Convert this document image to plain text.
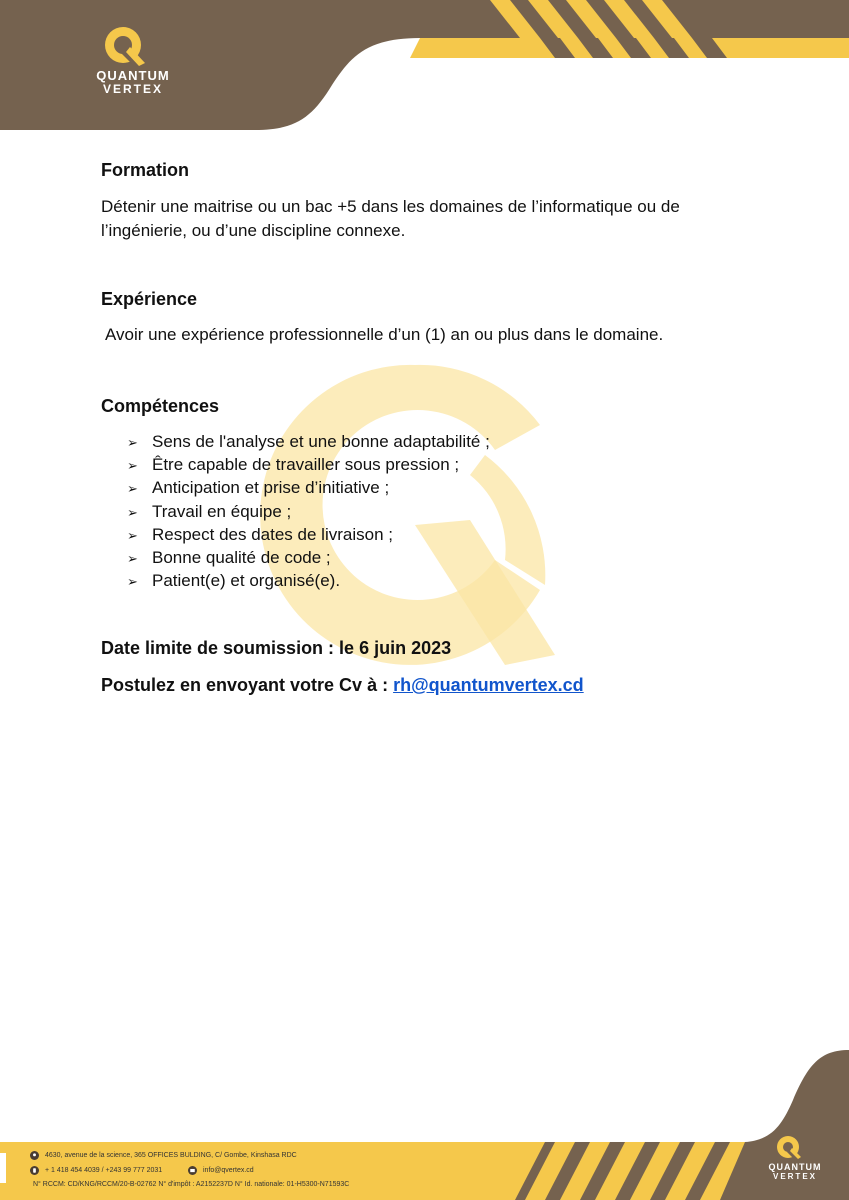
QUANTUM
VERTEX
Formation
Détenir une maitrise ou un bac +5 dans les domaines de l’informatique ou de l’ingénierie, ou d’une discipline connexe.
Expérience
Avoir une expérience professionnelle d’un (1) an ou plus dans le domaine.
Compétences
➢ Sens de l'analyse et une bonne adaptabilité ;
➢ Être capable de travailler sous pression ;
➢ Anticipation et prise d’initiative ;
➢ Travail en équipe ;
➢ Respect des dates de livraison ;
➢ Bonne qualité de code ;
➢ Patient(e) et organisé(e).
Date limite de soumission : le 6 juin 2023
Postulez en envoyant votre Cv à : rh@quantumvertex.cd
QUANTUM
VERTEX
4630, avenue de la science, 365 OFFICES BULDING, C/ Gombe, Kinshasa RDC
+ 1 418 454 4039 / +243 99 777 2031	info@qvertex.cd
N° RCCM: CD/KNG/RCCM/20-B-02762 N° d'impôt : A2152237D N° Id. nationale: 01-H5300-N71593C
